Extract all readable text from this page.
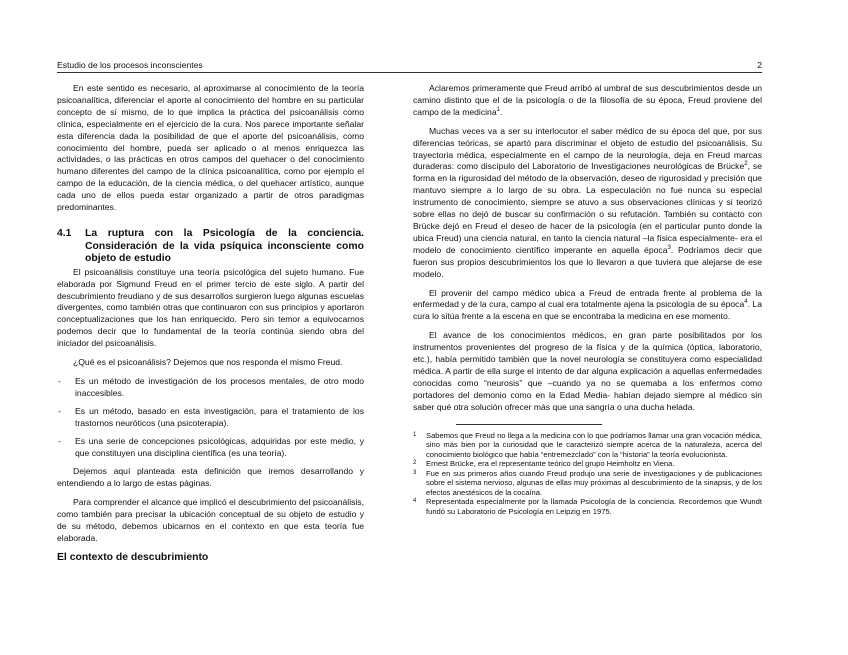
Estudio de los procesos inconscientes	2

En este sentido es necesario, al aproximarse al conocimiento de la teoría psicoanalítica, diferenciar el aporte al conocimiento del hombre en su particular concepto de sí mismo, de lo que implica la práctica del psicoanálisis como clínica, especialmente en el ejercicio de la cura. Nos parece importante señalar esta diferencia dada la posibilidad de que el aporte del psicoanálisis, como conocimiento del hombre, pueda ser aplicado o al menos enriquezca las actividades, o las prácticas en otros campos del quehacer o del conocimiento humano diferentes del campo de la clínica psicoanalítica, como por ejemplo el campo de la educación, de la ciencia médica, o del quehacer artístico, aunque cada uno de ellos pueda estar organizado a partir de otros paradigmas predominantes.

4.1	La ruptura con la Psicología de la conciencia. Consideración de la vida psíquica inconsciente como objeto de estudio

El psicoanálisis constituye una teoría psicológica del sujeto humano. Fue elaborada por Sigmund Freud en el primer tercio de este siglo. A partir del descubrimiento freudiano y de sus desarrollos surgieron luego algunas escuelas divergentes, como también otras que continuaron con sus principios y aportaron conceptualizaciones que los han enriquecido. Pero sin temor a equivocarnos podemos decir que lo fundamental de la teoría continúa siendo obra del iniciador del psicoanálisis.

¿Qué es el psicoanálisis? Dejemos que nos responda el mismo Freud.

- Es un método de investigación de los procesos mentales, de otro modo inaccesibles.
- Es un método, basado en esta investigación, para el tratamiento de los trastornos neuróticos (una psicoterapia).
- Es una serie de concepciones psicológicas, adquiridas por este medio, y que constituyen una disciplina científica (es una teoría).

Dejemos aquí planteada esta definición que iremos desarrollando y entendiendo a lo largo de estas páginas.

Para comprender el alcance que implicó el descubrimiento del psicoanálisis, como también para precisar la ubicación conceptual de su objeto de estudio y de su método, debemos ubicarnos en el contexto en que esta teoría fue elaborada.

El contexto de descubrimiento

Aclaremos primeramente que Freud arribó al umbral de sus descubrimientos desde un camino distinto que el de la psicología o de la filosofía de su época, Freud proviene del campo de la medicina$^1$.

Muchas veces va a ser su interlocutor el saber médico de su época del que, por sus diferencias teóricas, se apartó para discriminar el objeto de estudio del psicoanálisis. Su trayectoria médica, especialmente en el campo de la neurología, deja en Freud marcas duraderas: como discípulo del Laboratorio de Investigaciones neurológicas de Brücke$^2$, se forma en la rigurosidad del método de la observación, deseo de rigurosidad y precisión que mantuvo siempre a lo largo de su obra. La especulación no fue nunca su especial instrumento de conocimiento, siempre se atuvo a sus observaciones clínicas y si teorizó sobre ellas no dejó de buscar su confirmación o su refutación. También su contacto con Brücke dejó en Freud el deseo de hacer de la psicología (en el particular punto donde la ubica Freud) una ciencia natural, en tanto la ciencia natural –la física especialmente- era el modelo de conocimiento científico imperante en aquella época$^3$. Podríamos decir que fueron sus propios descubrimientos los que lo llevaron a que tuviera que alejarse de ese modelo.

El provenir del campo médico ubica a Freud de entrada frente al problema de la enfermedad y de la cura, campo al cual era totalmente ajena la psicología de su época$^4$. La cura lo sitúa frente a la escena en que se encontraba la medicina en ese momento.

El avance de los conocimientos médicos, en gran parte posibilitados por los instrumentos provenientes del progreso de la física y de la química (óptica, laboratorio, etc.), había permitido también que la novel neurología se constituyera como especialidad médica. A partir de ella surge el intento de dar alguna explicación a aquellas enfermedades conocidas como “neurosis” que –cuando ya no se quemaba a los enfermos como portadores del demonio como en la Edad Media- habían dejado siempre al médico sin saber qué otra solución ofrecer más que una sangría o una ducha helada.

1	Sabemos que Freud no llega a la medicina con lo que podríamos llamar una gran vocación médica, sino más bien por la curiosidad que le caracterizó siempre acerca de la naturaleza, acerca del conocimiento biológico que había “entremezclado” con la “historia” la teoría evolucionista.
2	Ernest Brücke, era el representante teórico del grupo Heimholtz en Viena.
3	Fue en sus primeros años cuando Freud produjo una serie de investigaciones y de publicaciones sobre el sistema nervioso, algunas de ellas muy próximas al descubrimiento de la sinapsis, y de los efectos anestésicos de la cocaína.
4	Representada especialmente por la llamada Psicología de la conciencia. Recordemos que Wundt fundó su Laboratorio de Psicología en Leipzig en 1975.
